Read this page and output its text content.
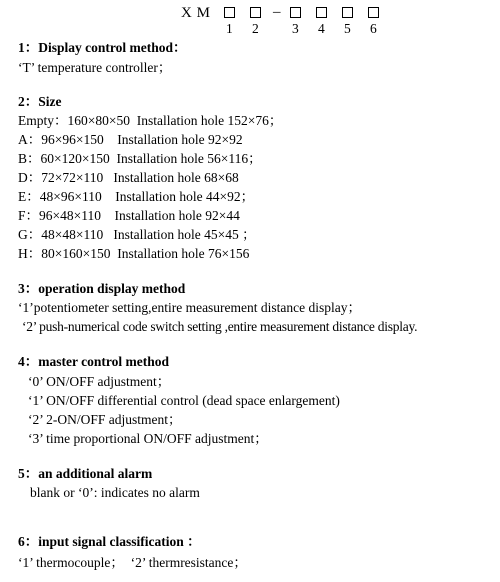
X M	–
1 2 3 4 5 6
1：Display control method：
‘T’ temperature controller；
2：Size
Empty：160×80×50  Installation hole 152×76；
A：96×96×150    Installation hole 92×92
B：60×120×150  Installation hole 56×116；
D：72×72×110   Installation hole 68×68
E：48×96×110    Installation hole 44×92；
F：96×48×110    Installation hole 92×44
G：48×48×110   Installation hole 45×45 ；
H：80×160×150  Installation hole 76×156
3：operation display method
‘1’potentiometer setting,entire measurement distance display；
‘2’ push-numerical code switch setting ,entire measurement distance display.
4：master control method
‘0’ ON/OFF adjustment；
‘1’ ON/OFF differential control (dead space enlargement)
‘2’ 2-ON/OFF adjustment；
‘3’ time proportional ON/OFF adjustment；
5：an additional alarm
blank or ‘0’: indicates no alarm
6：input signal classification ：
‘1’ thermocouple；  ‘2’ thermresistance；
